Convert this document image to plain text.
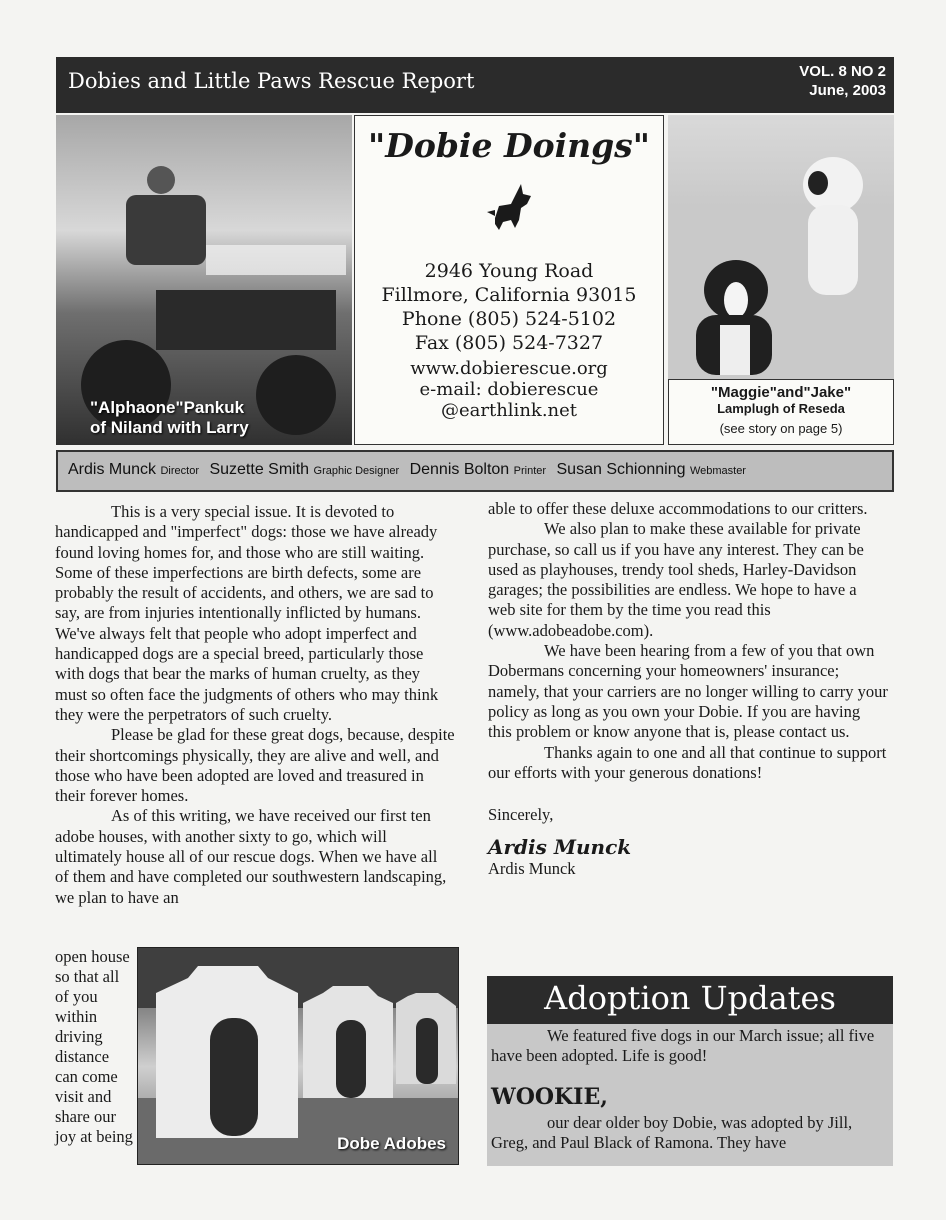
Dobies and Little Paws Rescue Report	VOL. 8 NO 2
June, 2003
"Alphaone"Pankuk
of Niland with Larry
"Dobie Doings"
2946 Young Road
Fillmore, California 93015
Phone (805) 524-5102
Fax (805) 524-7327
www.dobierescue.org
e-mail: dobierescue
@earthlink.net
"Maggie"and"Jake"
Lamplugh of Reseda
(see story on page 5)
Ardis Munck Director Suzette Smith Graphic Designer Dennis Bolton Printer Susan Schionning Webmaster

This is a very special issue. It is devoted to handicapped and "imperfect" dogs: those we have already found loving homes for, and those who are still waiting. Some of these imperfections are birth defects, some are probably the result of accidents, and others, we are sad to say, are from injuries intentionally inflicted by humans. We've always felt that people who adopt imperfect and handicapped dogs are a special breed, particularly those with dogs that bear the marks of human cruelty, as they must so often face the judgments of others who may think they were the perpetrators of such cruelty.

Please be glad for these great dogs, because, despite their shortcomings physically, they are alive and well, and those who have been adopted are loved and treasured in their forever homes.

As of this writing, we have received our first ten adobe houses, with another sixty to go, which will ultimately house all of our rescue dogs. When we have all of them and have completed our southwestern landscaping, we plan to have an

open house so that all of you within driving distance can come visit and share our joy at being	Dobe Adobes

able to offer these deluxe accommodations to our critters.

We also plan to make these available for private purchase, so call us if you have any interest. They can be used as playhouses, trendy tool sheds, Harley-Davidson garages; the possibilities are endless. We hope to have a web site for them by the time you read this (www.adobeadobe.com).

We have been hearing from a few of you that own Dobermans concerning your homeowners' insurance; namely, that your carriers are no longer willing to carry your policy as long as you own your Dobie. If you are having this problem or know anyone that is, please contact us.

Thanks again to one and all that continue to support our efforts with your generous donations!

Sincerely,

Ardis Munck

Ardis Munck

Adoption Updates

We featured five dogs in our March issue; all five have been adopted. Life is good!

WOOKIE,

our dear older boy Dobie, was adopted by Jill, Greg, and Paul Black of Ramona. They have
